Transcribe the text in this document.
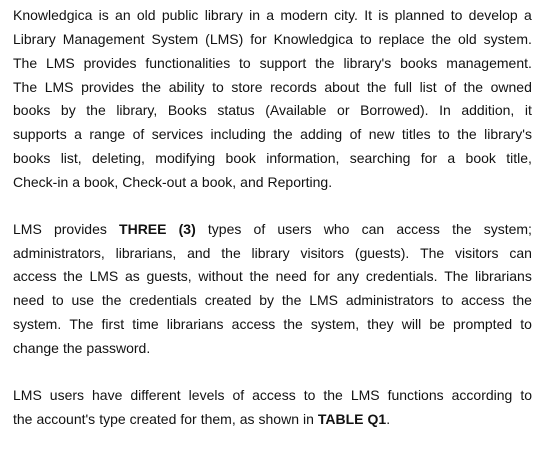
Knowledgica is an old public library in a modern city. It is planned to develop a
Library Management System (LMS) for Knowledgica to replace the old system.
The LMS provides functionalities to support the library's books management.
The LMS provides the ability to store records about the full list of the owned
books by the library, Books status (Available or Borrowed). In addition, it
supports a range of services including the adding of new titles to the library's
books list, deleting, modifying book information, searching for a book title,
Check-in a book, Check-out a book, and Reporting.
LMS provides THREE (3) types of users who can access the system;
administrators, librarians, and the library visitors (guests). The visitors can
access the LMS as guests, without the need for any credentials. The librarians
need to use the credentials created by the LMS administrators to access the
system. The first time librarians access the system, they will be prompted to
change the password.
LMS users have different levels of access to the LMS functions according to
the account's type created for them, as shown in TABLE Q1.
